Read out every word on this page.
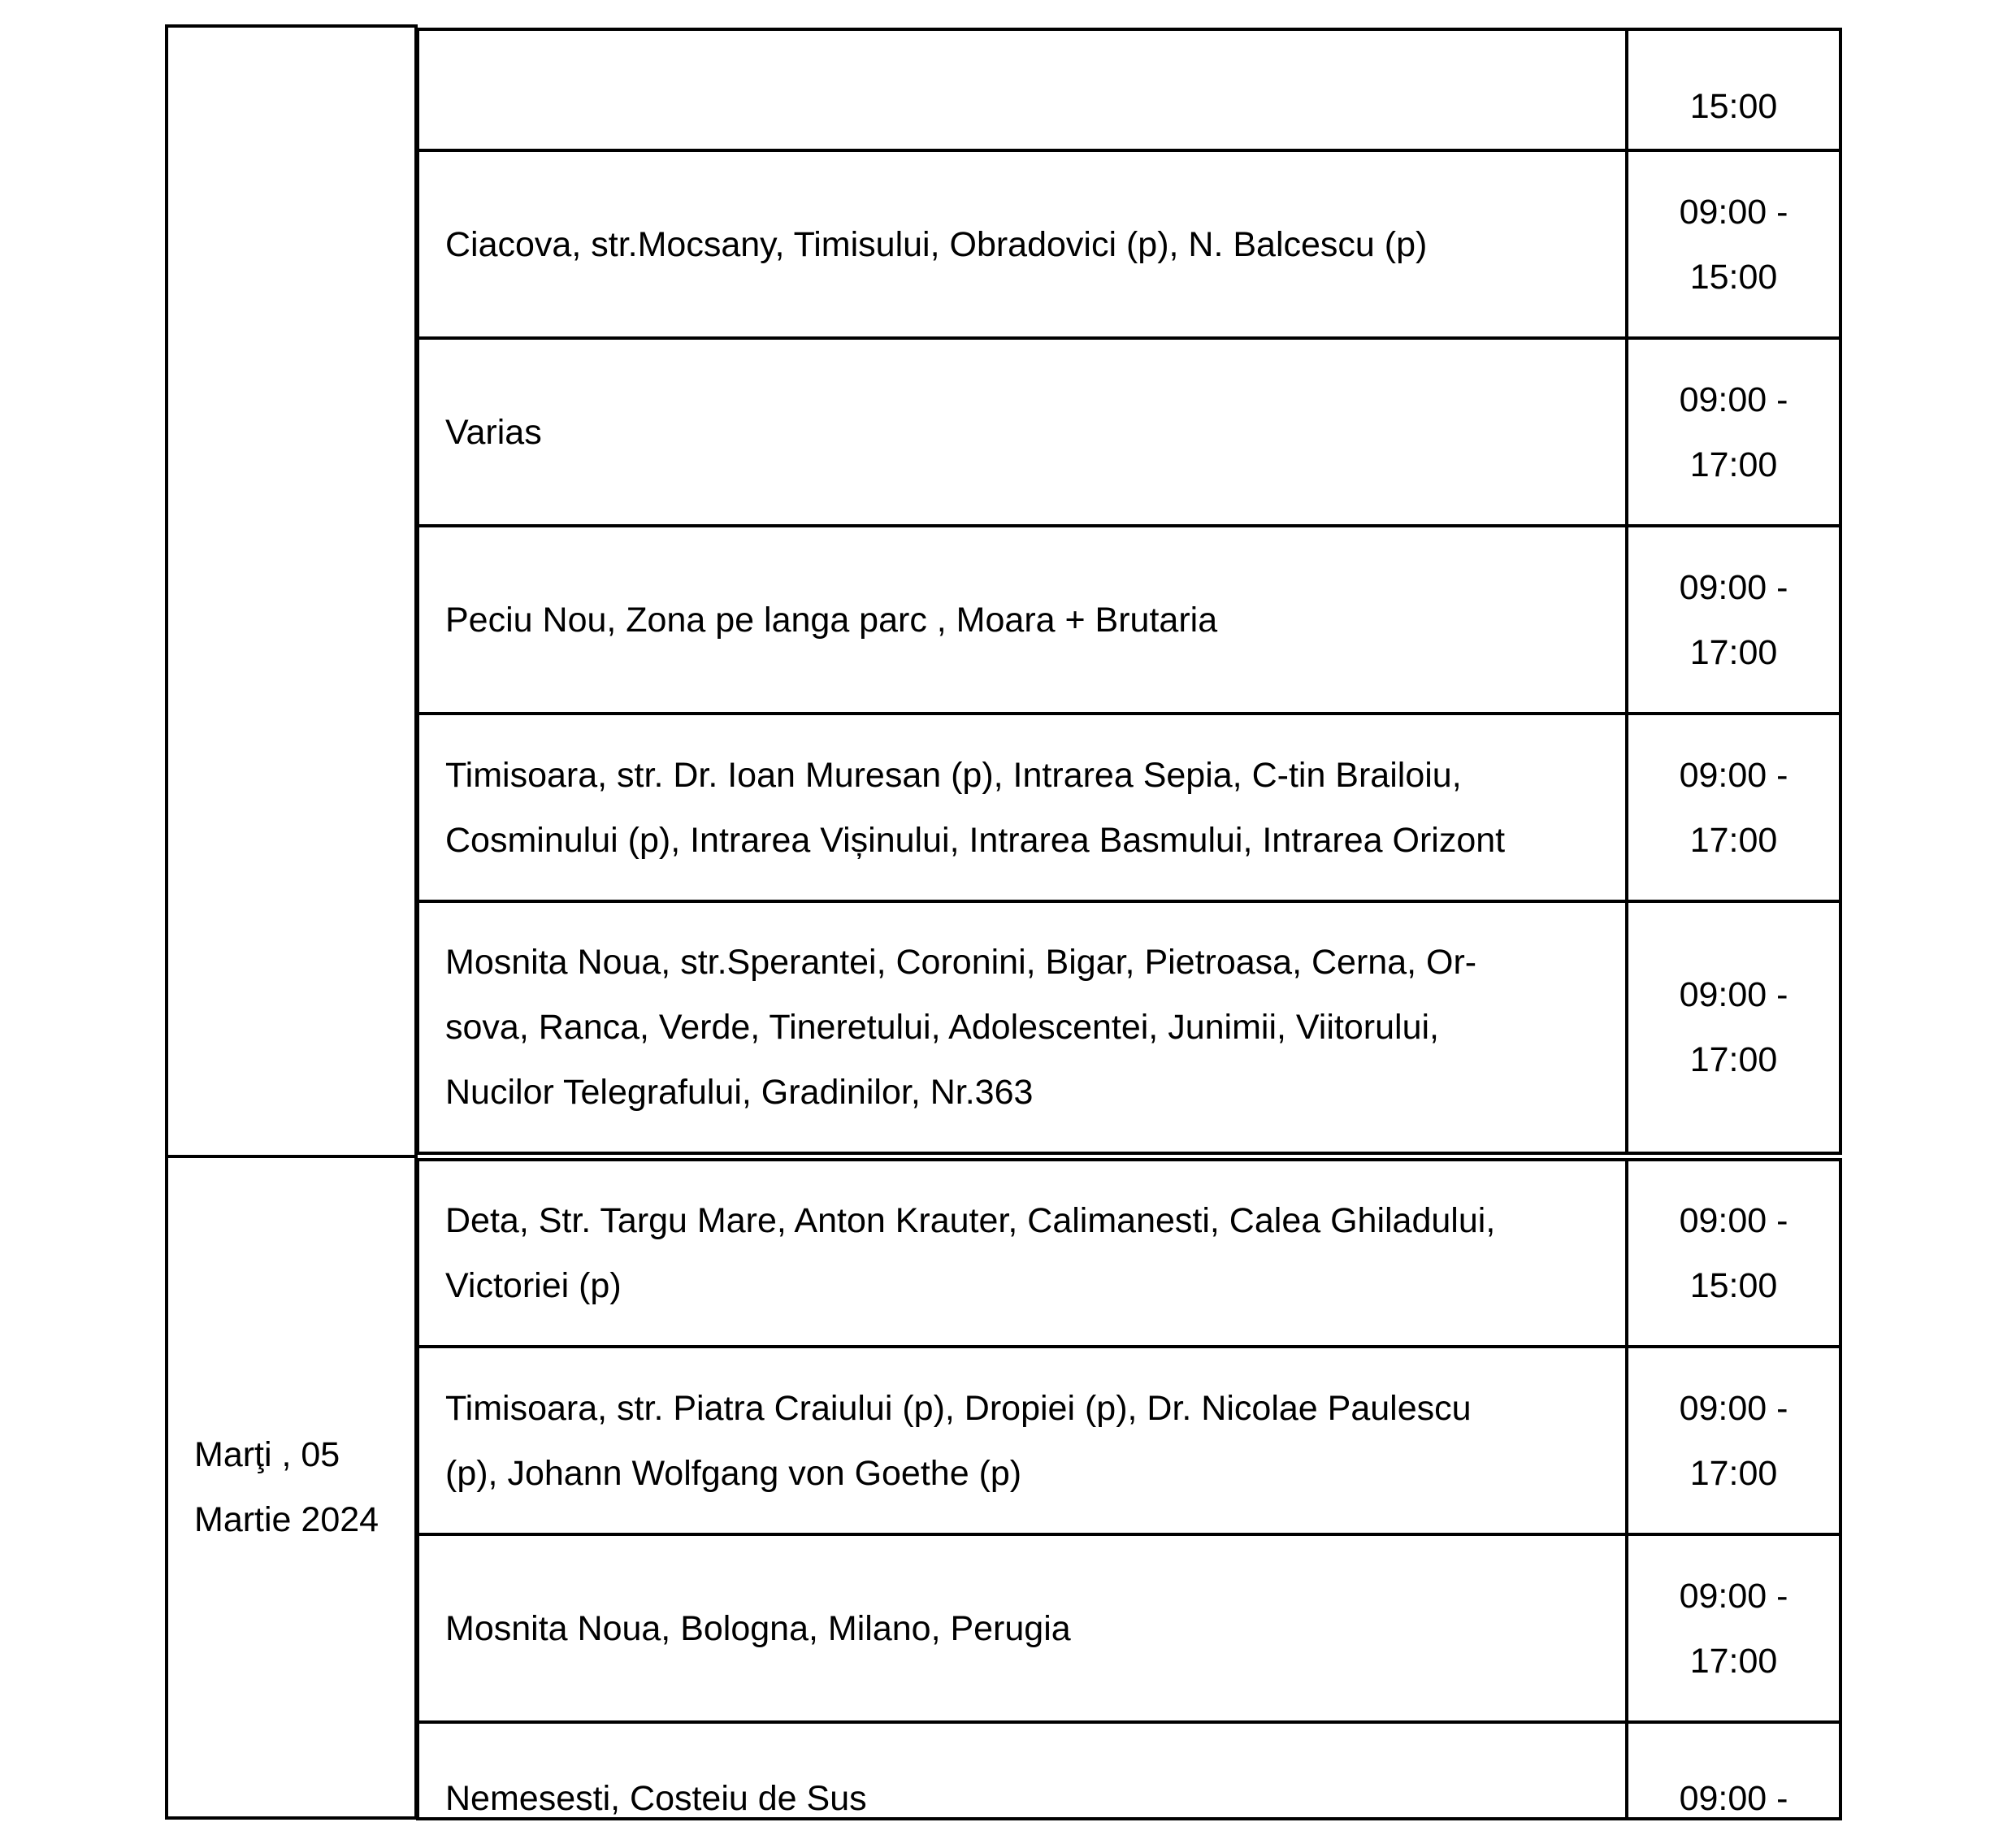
Marţi , 05
Martie 2024
15:00
Ciacova, str.Mocsany, Timisului, Obradovici (p), N. Balcescu (p)
09:00 -
15:00
Varias
09:00 -
17:00
Peciu Nou, Zona pe langa parc , Moara + Brutaria
09:00 -
17:00
Timisoara, str. Dr. Ioan Muresan (p), Intrarea Sepia, C-tin Brailoiu,
Cosminului (p), Intrarea Vișinului, Intrarea Basmului, Intrarea Orizont
09:00 -
17:00
Mosnita Noua, str.Sperantei, Coronini, Bigar, Pietroasa, Cerna, Or-
sova, Ranca, Verde, Tineretului, Adolescentei, Junimii, Viitorului,
Nucilor Telegrafului, Gradinilor, Nr.363
09:00 -
17:00
Deta, Str. Targu Mare, Anton Krauter, Calimanesti, Calea Ghiladului,
Victoriei (p)
09:00 -
15:00
Timisoara, str. Piatra Craiului (p), Dropiei (p), Dr. Nicolae Paulescu
(p), Johann Wolfgang von Goethe (p)
09:00 -
17:00
Mosnita Noua, Bologna, Milano, Perugia
09:00 -
17:00
Nemesesti, Costeiu de Sus	09:00 -
